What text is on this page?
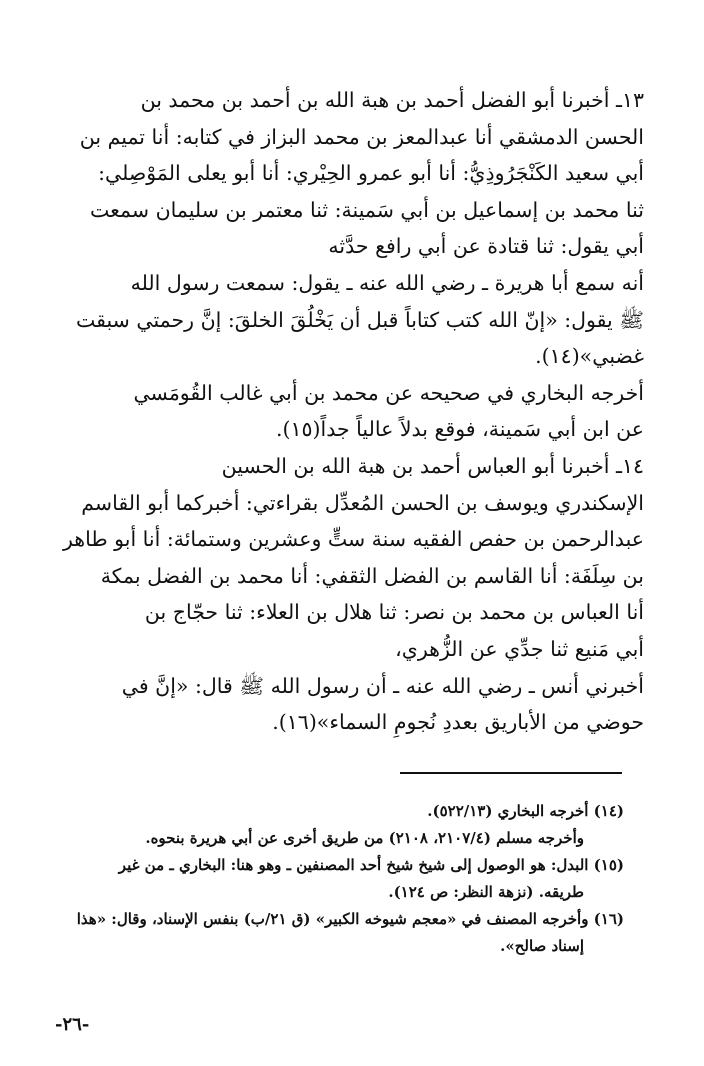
١٣ـ أخبرنا أبو الفضل أحمد بن هبة الله بن أحمد بن محمد بن
الحسن الدمشقي أنا عبدالمعز بن محمد البزاز في كتابه: أنا تميم بن
أبي سعيد الكَنْجَرُوذِيُّ: أنا أبو عمرو الحِيْري: أنا أبو يعلى المَوْصِلي:
ثنا محمد بن إسماعيل بن أبي سَمينة: ثنا معتمر بن سليمان سمعت
أبي يقول: ثنا قتادة عن أبي رافع حدَّثه

أنه سمع أبا هريرة ـ رضي الله عنه ـ يقول: سمعت رسول الله
ﷺ يقول: «إنّ الله كتب كتاباً قبل أن يَخْلُقَ الخلقَ: إنَّ رحمتي سبقت
غضبي»(١٤).

أخرجه البخاري في صحيحه عن محمد بن أبي غالب القُومَسي
عن ابن أبي سَمينة، فوقع بدلاً عالياً جداً(١٥).

١٤ـ أخبرنا أبو العباس أحمد بن هبة الله بن الحسين
الإسكندري ويوسف بن الحسن المُعدِّل بقراءتي: أخبركما أبو القاسم
عبدالرحمن بن حفص الفقيه سنة ستٍّ وعشرين وستمائة: أنا أبو طاهر
بن سِلَفَة: أنا القاسم بن الفضل الثقفي: أنا محمد بن الفضل بمكة
أنا العباس بن محمد بن نصر: ثنا هلال بن العلاء: ثنا حجّاج بن
أبي مَنيع ثنا جدِّي عن الزُّهري،

أخبرني أنس ـ رضي الله عنه ـ أن رسول الله ﷺ قال: «إنَّ في
حوضي من الأباريق بعددِ نُجومِ السماء»(١٦).

(١٤) أخرجه البخاري (٥٢٢/١٣).
وأخرجه مسلم (٢١٠٧/٤، ٢١٠٨) من طريق أخرى عن أبي هريرة بنحوه.
(١٥) البدل: هو الوصول إلى شيخ شيخ أحد المصنفين ـ وهو هنا: البخاري ـ من غير
طريقه. (نزهة النظر: ص ١٢٤).
(١٦) وأخرجه المصنف في «معجم شيوخه الكبير» (ق ٢١/ب) بنفس الإسناد، وقال: «هذا
إسناد صالح».
-٢٦-
